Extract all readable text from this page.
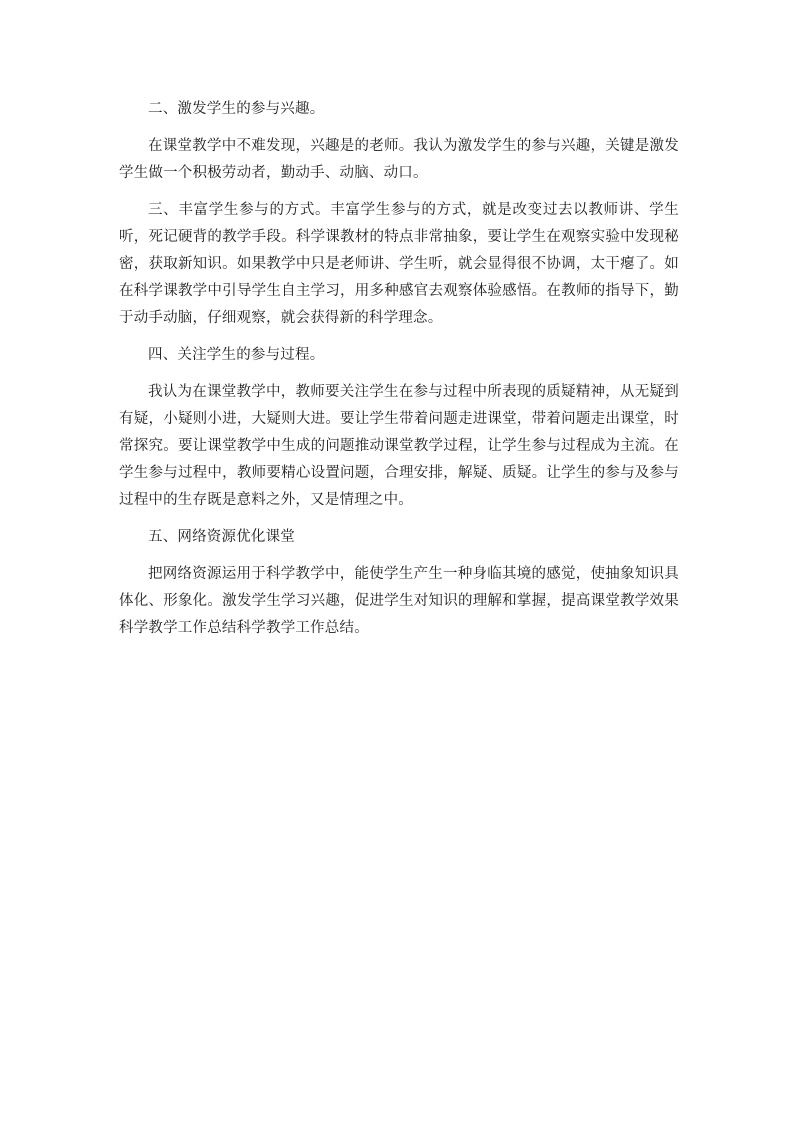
二、激发学生的参与兴趣。

在课堂教学中不难发现，兴趣是的老师。我认为激发学生的参与兴趣，关键是激发学生做一个积极劳动者，勤动手、动脑、动口。

三、丰富学生参与的方式。丰富学生参与的方式，就是改变过去以教师讲、学生听，死记硬背的教学手段。科学课教材的特点非常抽象，要让学生在观察实验中发现秘密，获取新知识。如果教学中只是老师讲、学生听，就会显得很不协调，太干瘪了。如在科学课教学中引导学生自主学习，用多种感官去观察体验感悟。在教师的指导下，勤于动手动脑，仔细观察，就会获得新的科学理念。

四、关注学生的参与过程。

我认为在课堂教学中，教师要关注学生在参与过程中所表现的质疑精神，从无疑到有疑，小疑则小进，大疑则大进。要让学生带着问题走进课堂，带着问题走出课堂，时常探究。要让课堂教学中生成的问题推动课堂教学过程，让学生参与过程成为主流。在学生参与过程中，教师要精心设置问题，合理安排，解疑、质疑。让学生的参与及参与过程中的生存既是意料之外，又是情理之中。

五、网络资源优化课堂

把网络资源运用于科学教学中，能使学生产生一种身临其境的感觉，使抽象知识具体化、形象化。激发学生学习兴趣，促进学生对知识的理解和掌握，提高课堂教学效果科学教学工作总结科学教学工作总结。
